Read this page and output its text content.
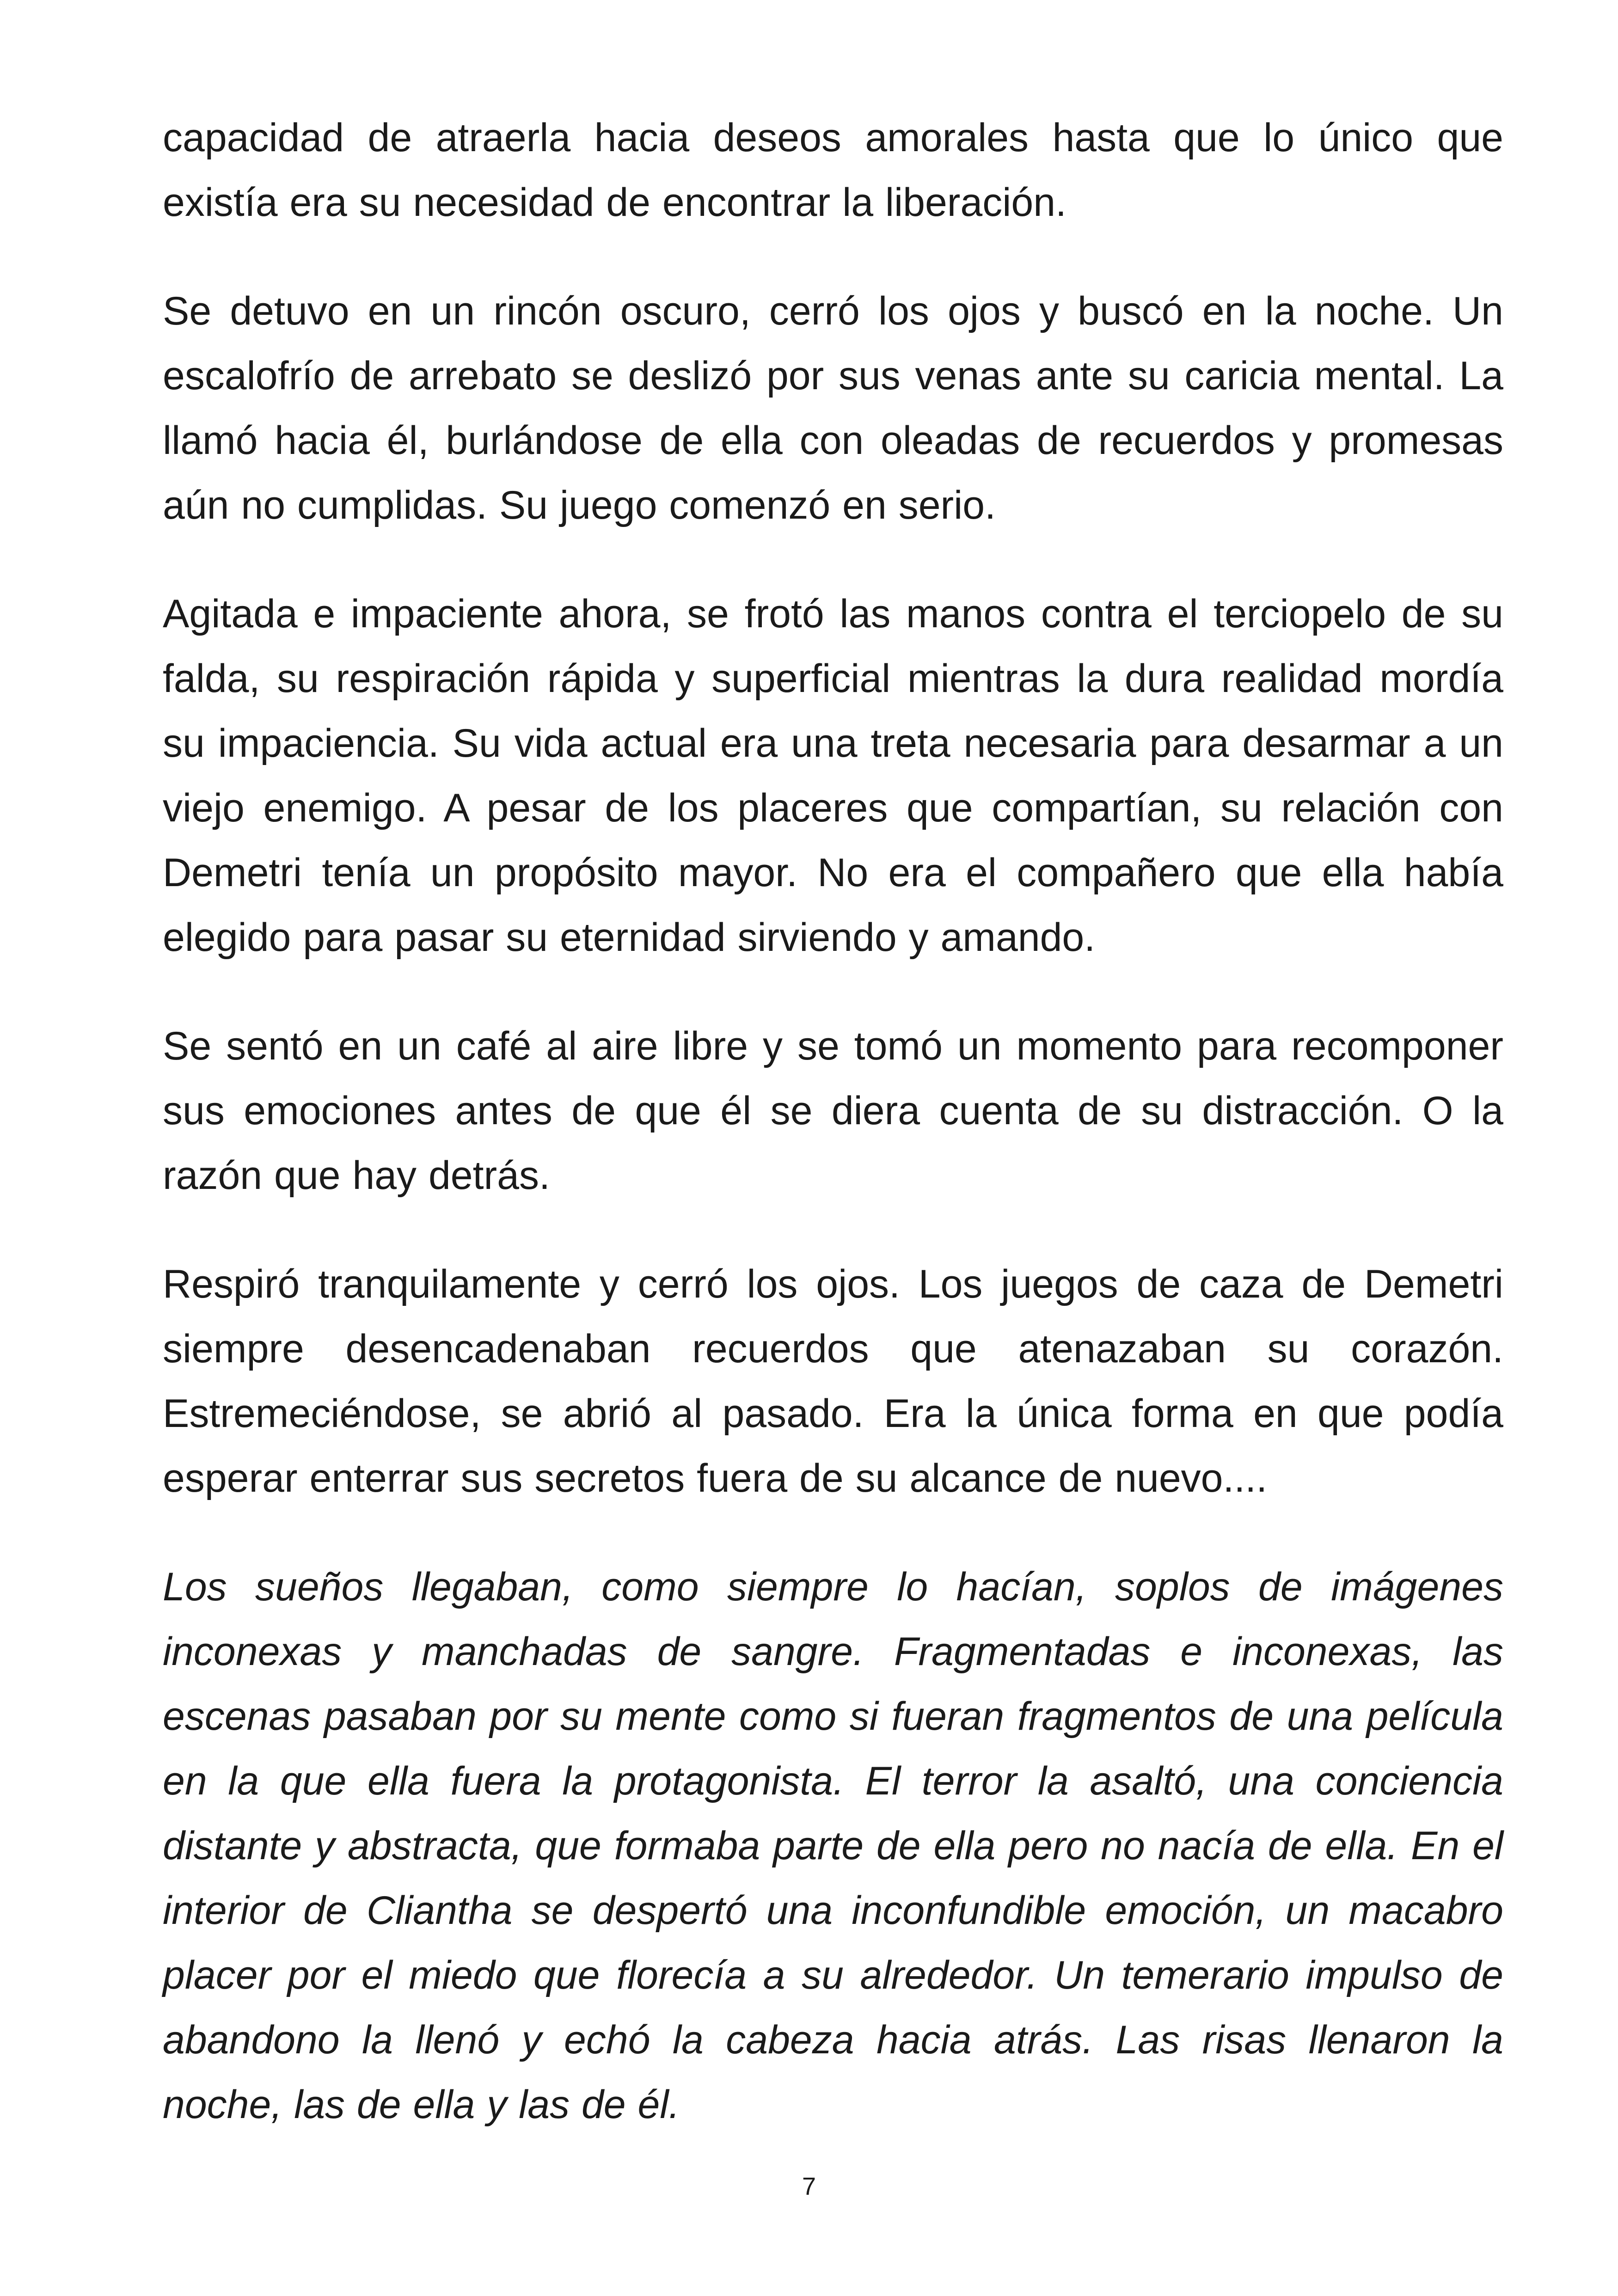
capacidad de atraerla hacia deseos amorales hasta que lo único que existía era su necesidad de encontrar la liberación.

Se detuvo en un rincón oscuro, cerró los ojos y buscó en la noche. Un escalofrío de arrebato se deslizó por sus venas ante su caricia mental. La llamó hacia él, burlándose de ella con oleadas de recuerdos y promesas aún no cumplidas. Su juego comenzó en serio.

Agitada e impaciente ahora, se frotó las manos contra el terciopelo de su falda, su respiración rápida y superficial mientras la dura realidad mordía su impaciencia. Su vida actual era una treta necesaria para desarmar a un viejo enemigo. A pesar de los placeres que compartían, su relación con Demetri tenía un propósito mayor. No era el compañero que ella había elegido para pasar su eternidad sirviendo y amando.

Se sentó en un café al aire libre y se tomó un momento para recomponer sus emociones antes de que él se diera cuenta de su distracción. O la razón que hay detrás.

Respiró tranquilamente y cerró los ojos. Los juegos de caza de Demetri siempre desencadenaban recuerdos que atenazaban su corazón. Estremeciéndose, se abrió al pasado. Era la única forma en que podía esperar enterrar sus secretos fuera de su alcance de nuevo....

Los sueños llegaban, como siempre lo hacían, soplos de imágenes inconexas y manchadas de sangre. Fragmentadas e inconexas, las escenas pasaban por su mente como si fueran fragmentos de una película en la que ella fuera la protagonista. El terror la asaltó, una conciencia distante y abstracta, que formaba parte de ella pero no nacía de ella. En el interior de Cliantha se despertó una inconfundible emoción, un macabro placer por el miedo que florecía a su alrededor. Un temerario impulso de abandono la llenó y echó la cabeza hacia atrás. Las risas llenaron la noche, las de ella y las de él.

7
